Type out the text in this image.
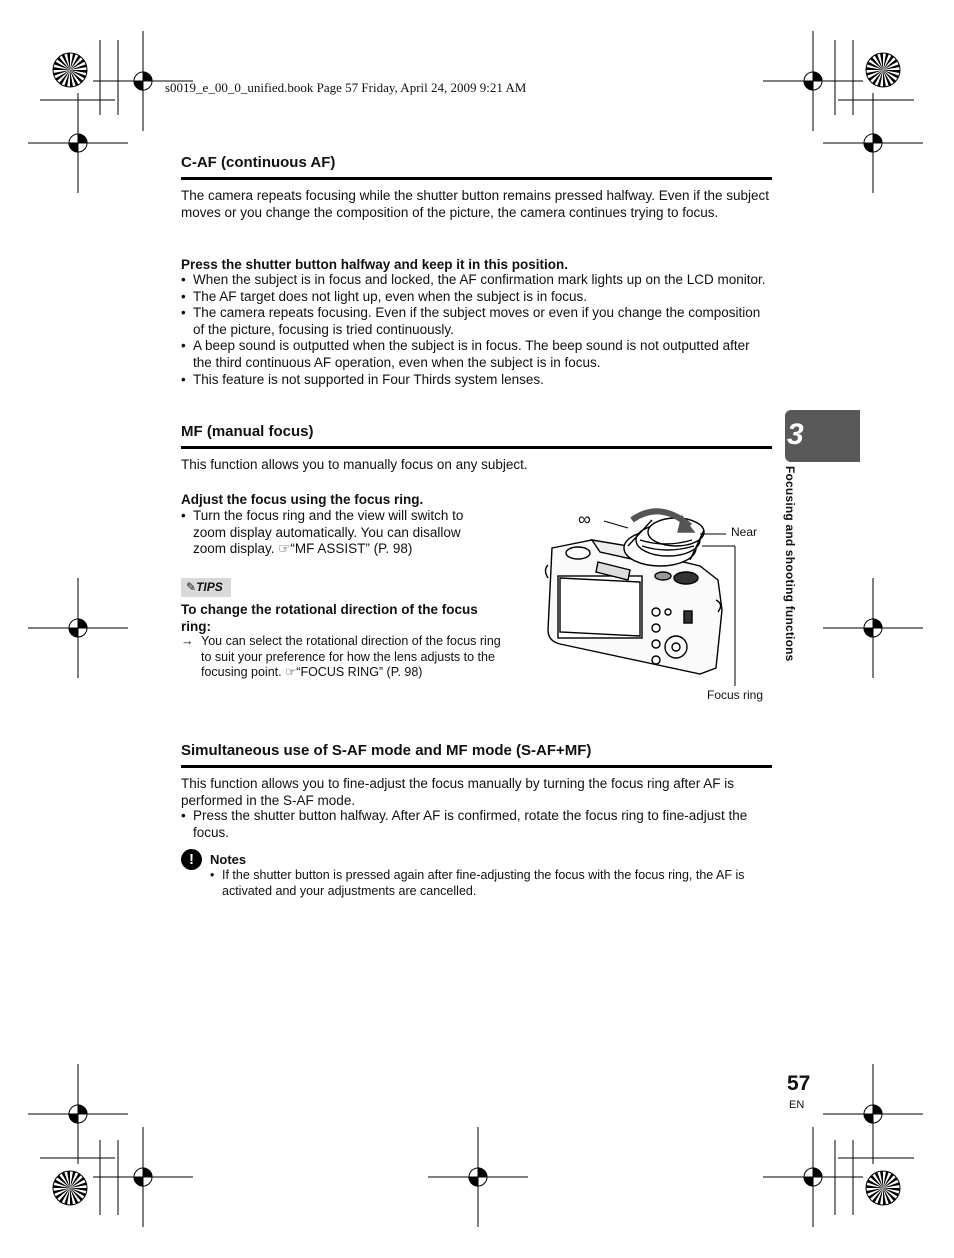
s0019_e_00_0_unified.book Page 57 Friday, April 24, 2009 9:21 AM
3
Focusing and shooting functions
C-AF (continuous AF)

The camera repeats focusing while the shutter button remains pressed halfway. Even if the subject moves or you change the composition of the picture, the camera continues trying to focus.

Press the shutter button halfway and keep it in this position.

• When the subject is in focus and locked, the AF confirmation mark lights up on the LCD monitor.
• The AF target does not light up, even when the subject is in focus.
• The camera repeats focusing. Even if the subject moves or even if you change the composition of the picture, focusing is tried continuously.
• A beep sound is outputted when the subject is in focus. The beep sound is not outputted after the third continuous AF operation, even when the subject is in focus.
• This feature is not supported in Four Thirds system lenses.
MF (manual focus)

This function allows you to manually focus on any subject.

Adjust the focus using the focus ring.

• Turn the focus ring and the view will switch to zoom display automatically. You can disallow zoom display. ☞“MF ASSIST” (P. 98)
✎TIPS

To change the rotational direction of the focus ring:

→ You can select the rotational direction of the focus ring to suit your preference for how the lens adjusts to the focusing point. ☞“FOCUS RING” (P. 98)

∞
Near
Focus ring
Simultaneous use of S-AF mode and MF mode (S-AF+MF)

This function allows you to fine-adjust the focus manually by turning the focus ring after AF is performed in the S-AF mode.

• Press the shutter button halfway. After AF is confirmed, rotate the focus ring to fine-adjust the focus.
!	Notes
• If the shutter button is pressed again after fine-adjusting the focus with the focus ring, the AF is activated and your adjustments are cancelled.
57
EN
